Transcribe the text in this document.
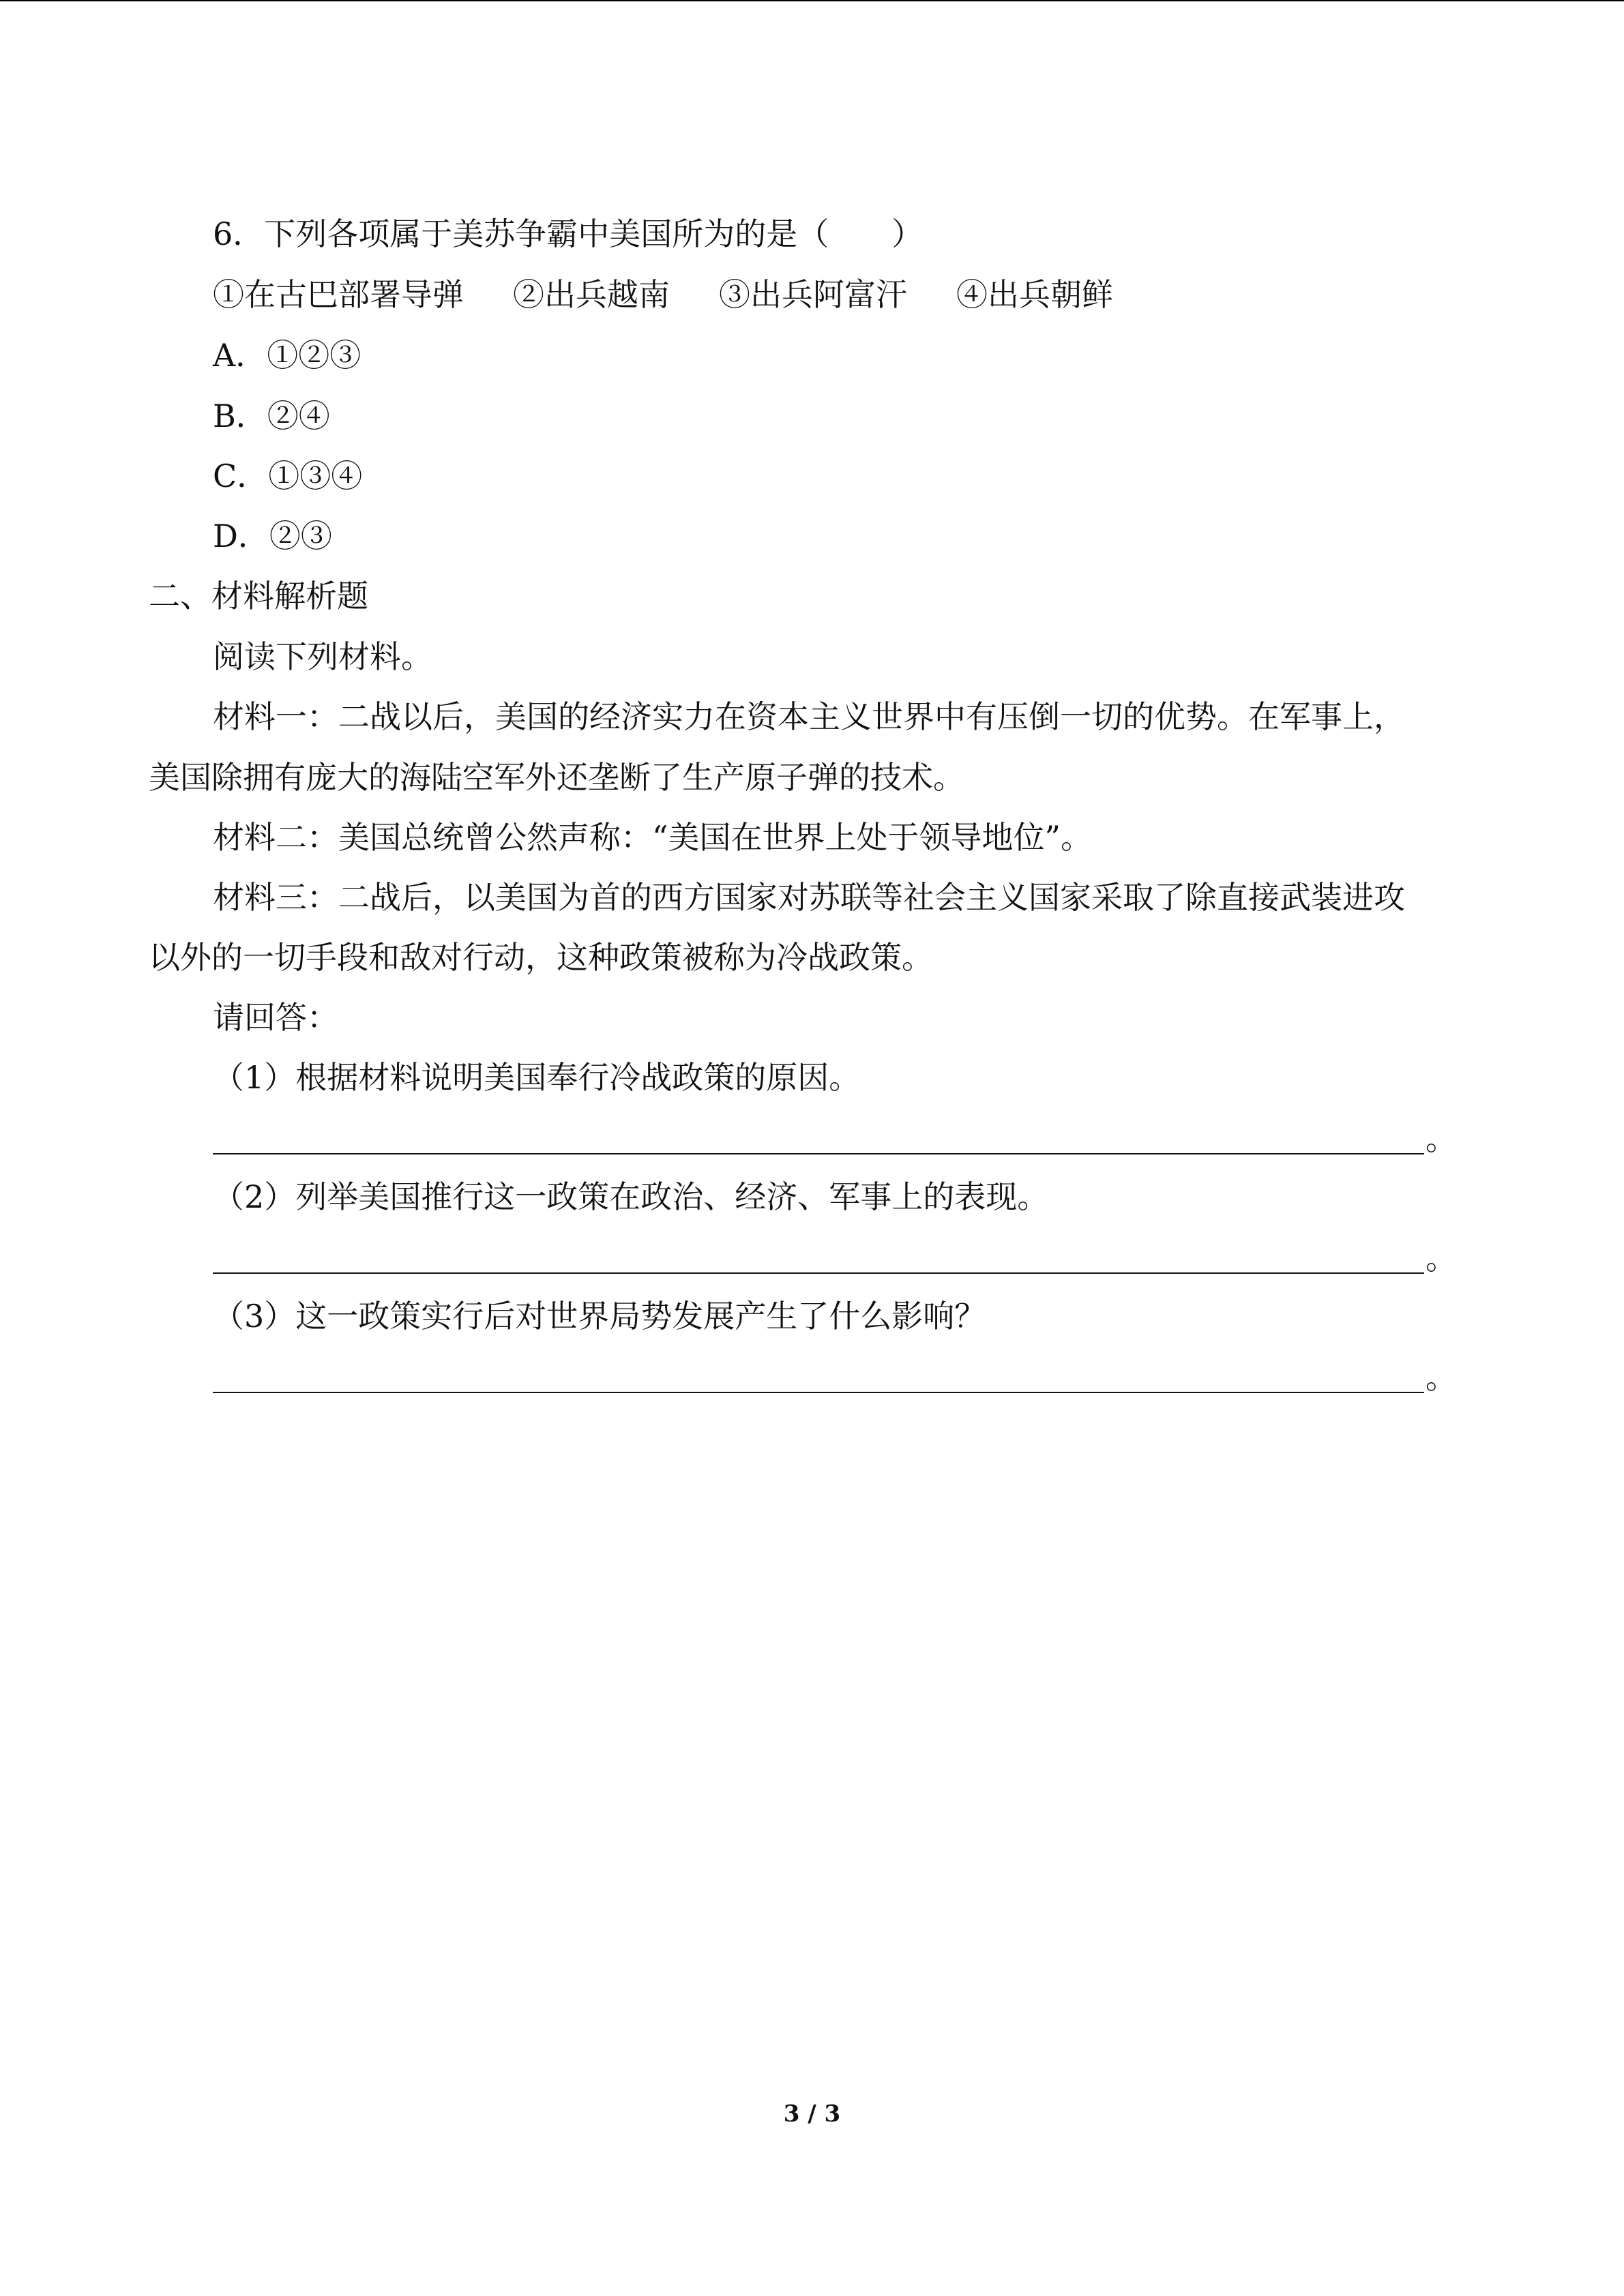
6．下列各项属于美苏争霸中美国所为的是（　　）
①在古巴部署导弹 ②出兵越南 ③出兵阿富汗 ④出兵朝鲜
A．①②③
B．②④
C．①③④
D．②③
二、材料解析题
阅读下列材料。
材料一：二战以后，美国的经济实力在资本主义世界中有压倒一切的优势。在军事上，
美国除拥有庞大的海陆空军外还垄断了生产原子弹的技术。
材料二：美国总统曾公然声称：“美国在世界上处于领导地位”。
材料三：二战后，以美国为首的西方国家对苏联等社会主义国家采取了除直接武装进攻
以外的一切手段和敌对行动，这种政策被称为冷战政策。
请回答：
（1）根据材料说明美国奉行冷战政策的原因。
。
（2）列举美国推行这一政策在政治、经济、军事上的表现。
。
（3）这一政策实行后对世界局势发展产生了什么影响？
。
3 / 3
